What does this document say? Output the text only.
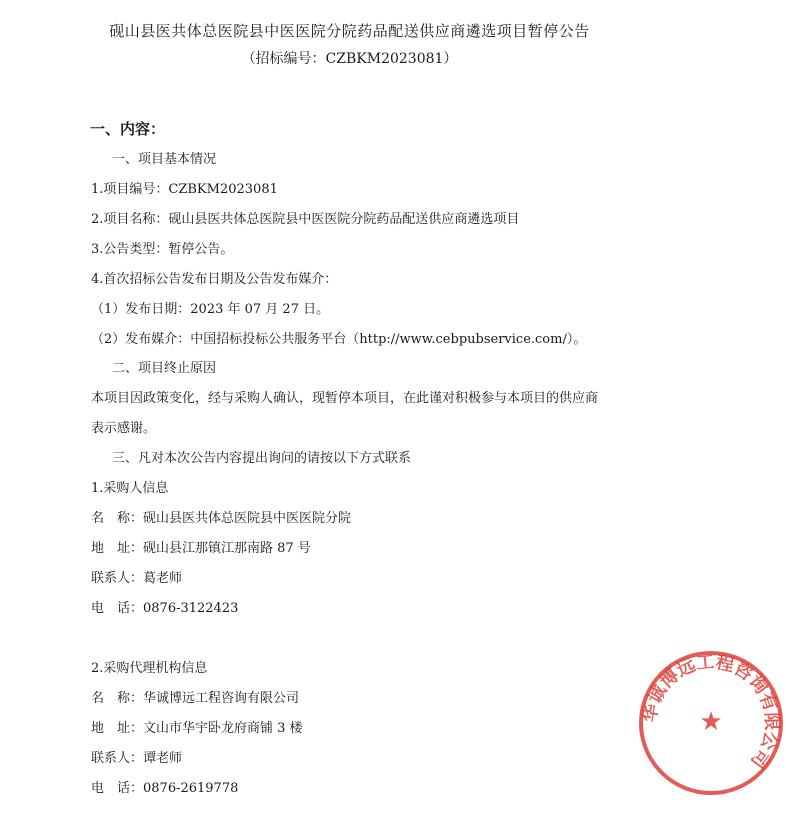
砚山县医共体总医院县中医医院分院药品配送供应商遴选项目暂停公告
（招标编号：CZBKM2023081）
一、内容：
一、项目基本情况
1.项目编号：CZBKM2023081
2.项目名称：砚山县医共体总医院县中医医院分院药品配送供应商遴选项目
3.公告类型：暂停公告。
4.首次招标公告发布日期及公告发布媒介：
（1）发布日期：2023 年 07 月 27 日。
（2）发布媒介：中国招标投标公共服务平台（http://www.cebpubservice.com/）。
二、项目终止原因
本项目因政策变化，经与采购人确认，现暂停本项目，在此谨对积极参与本项目的供应商
表示感谢。
三、凡对本次公告内容提出询问的请按以下方式联系
1.采购人信息
名　称：砚山县医共体总医院县中医医院分院
地　址：砚山县江那镇江那南路 87 号
联系人：葛老师
电　话：0876-3122423
2.采购代理机构信息
名　称：华诚博远工程咨询有限公司
地　址：文山市华宇卧龙府商铺 3 楼
联系人：谭老师
电　话：0876-2619778
华诚博远工程咨询有限公司
★
